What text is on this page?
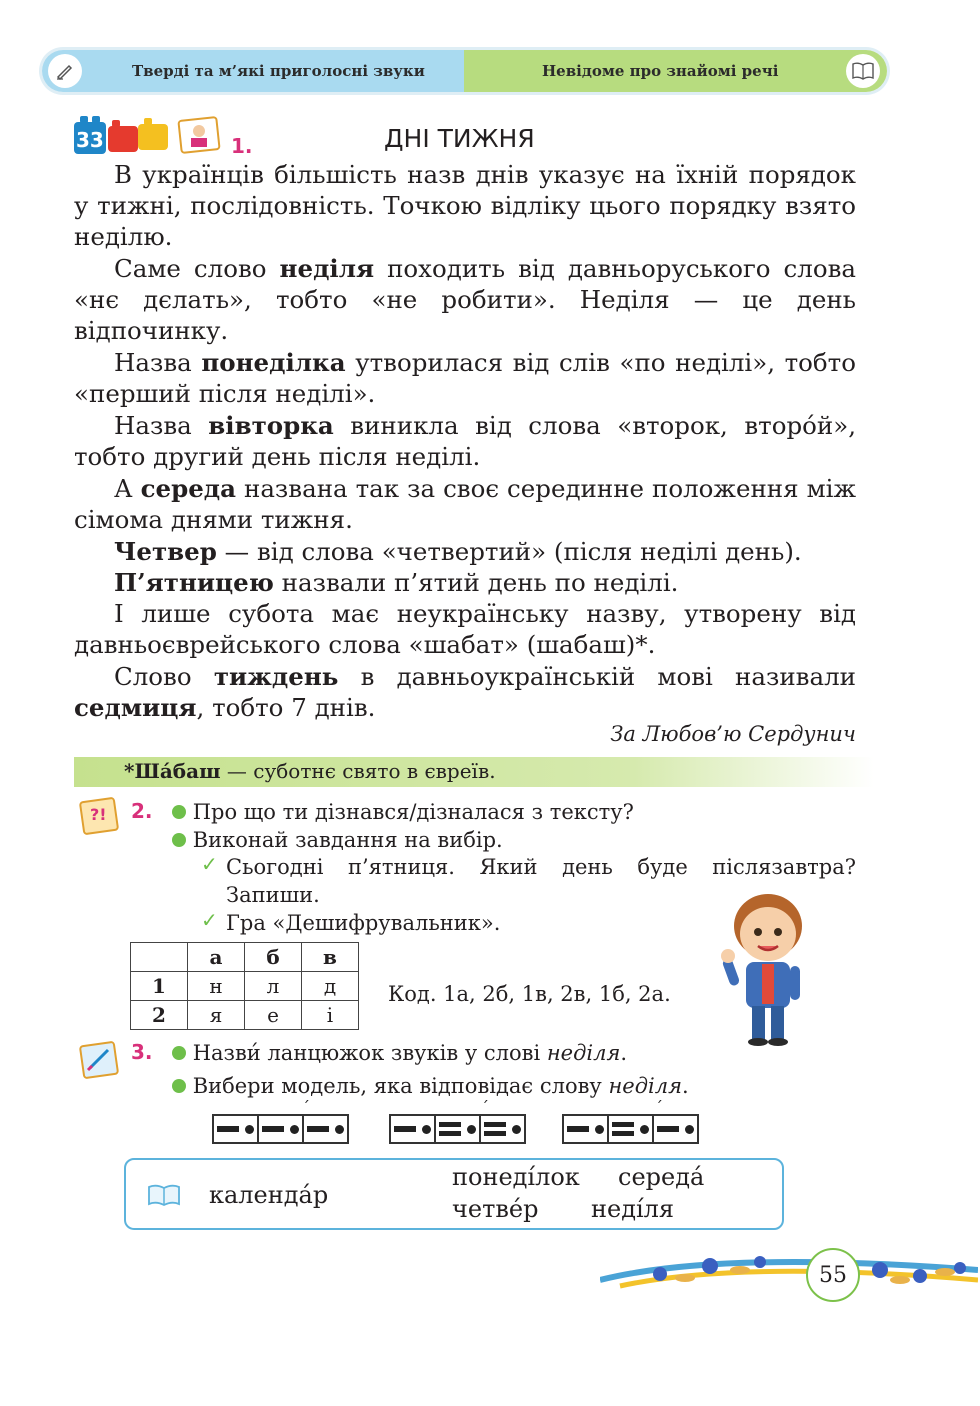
Тверді та м’які приголосні звуки	Невідоме про знайомі речі
33	1.	ДНІ ТИЖНЯ
В українців більшість назв днів указує на їхній порядок у тижні, послідовність. Точкою відліку цього порядку взято неділю.
Саме слово неділя походить від давньоруського слова «нє дєлать», тобто «не робити». Неділя — це день відпочинку.
Назва понеділка утворилася від слів «по неділі», тобто «перший після неділі».
Назва вівторка виникла від слова «второк, второ́й», тобто другий день після неділі.
А середа названа так за своє серединне положення між сімома днями тижня.
Четвер — від слова «четвертий» (після неділі день).
П’ятницею назвали п’ятий день по неділі.
І лише субота має неукраїнську назву, утворену від давньоєврейського слова «шабат» (шабаш)*.
Слово тиждень в давньоукраїнській мові називали седмиця, тобто 7 днів.
За Любов’ю Сердунич
*Ша́баш — суботнє свято в євреїв.
?! 2.	Про що ти дізнався/дізналася з тексту?
Виконай завдання на вибір.
✓ Сьогодні п’ятниця. Який день буде післязавтра? Запиши.
✓ Гра «Дешифрувальник».
	а	б	в
1	н	л	д
2	я	е	і
Код. 1а, 2б, 1в, 2в, 1б, 2а.
3.	Назви́ ланцюжок звуків у слові неділя.
Вибери модель, яка відповідає слову неділя.
´	´	´
календа́р
понеді́лок середа́
четве́р неді́ля
55
